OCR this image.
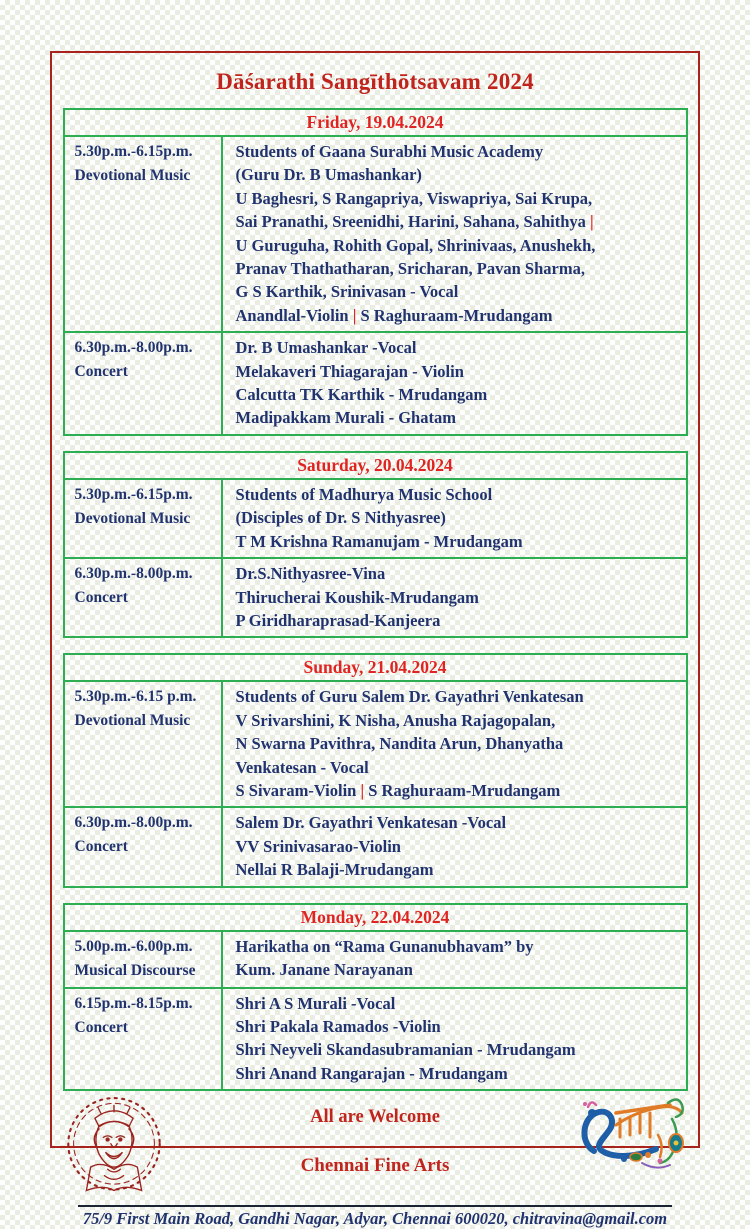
Dāśarathi Sangīthōtsavam 2024
Friday, 19.04.2024
5.30p.m.-6.15p.m.
Devotional Music
Students of Gaana Surabhi Music Academy
(Guru Dr. B Umashankar)
U Baghesri, S Rangapriya, Viswapriya, Sai Krupa,
Sai Pranathi, Sreenidhi, Harini, Sahana, Sahithya |
U Guruguha, Rohith Gopal, Shrinivaas, Anushekh,
Pranav Thathatharan, Sricharan, Pavan Sharma,
G S Karthik, Srinivasan - Vocal
Anandlal-Violin | S Raghuraam-Mrudangam
6.30p.m.-8.00p.m.
Concert
Dr. B Umashankar -Vocal
Melakaveri Thiagarajan - Violin
Calcutta TK Karthik - Mrudangam
Madipakkam Murali - Ghatam
Saturday, 20.04.2024
5.30p.m.-6.15p.m.
Devotional Music
Students of Madhurya Music School
(Disciples of Dr. S Nithyasree)
T M Krishna Ramanujam - Mrudangam
6.30p.m.-8.00p.m.
Concert
Dr.S.Nithyasree-Vina
Thirucherai Koushik-Mrudangam
P Giridharaprasad-Kanjeera
Sunday, 21.04.2024
5.30p.m.-6.15 p.m.
Devotional Music
Students of Guru Salem Dr. Gayathri Venkatesan
V Srivarshini, K Nisha, Anusha Rajagopalan,
N Swarna Pavithra, Nandita Arun, Dhanyatha
Venkatesan - Vocal
S Sivaram-Violin | S Raghuraam-Mrudangam
6.30p.m.-8.00p.m.
Concert
Salem Dr. Gayathri Venkatesan -Vocal
VV Srinivasarao-Violin
Nellai R Balaji-Mrudangam
Monday, 22.04.2024
5.00p.m.-6.00p.m.
Musical Discourse
Harikatha on “Rama Gunanubhavam” by
Kum. Janane Narayanan
6.15p.m.-8.15p.m.
Concert
Shri A S Murali -Vocal
Shri Pakala Ramados -Violin
Shri Neyveli Skandasubramanian - Mrudangam
Shri Anand Rangarajan - Mrudangam
All are Welcome
Chennai Fine Arts
75/9 First Main Road, Gandhi Nagar, Adyar, Chennai 600020, chitravina@gmail.com
